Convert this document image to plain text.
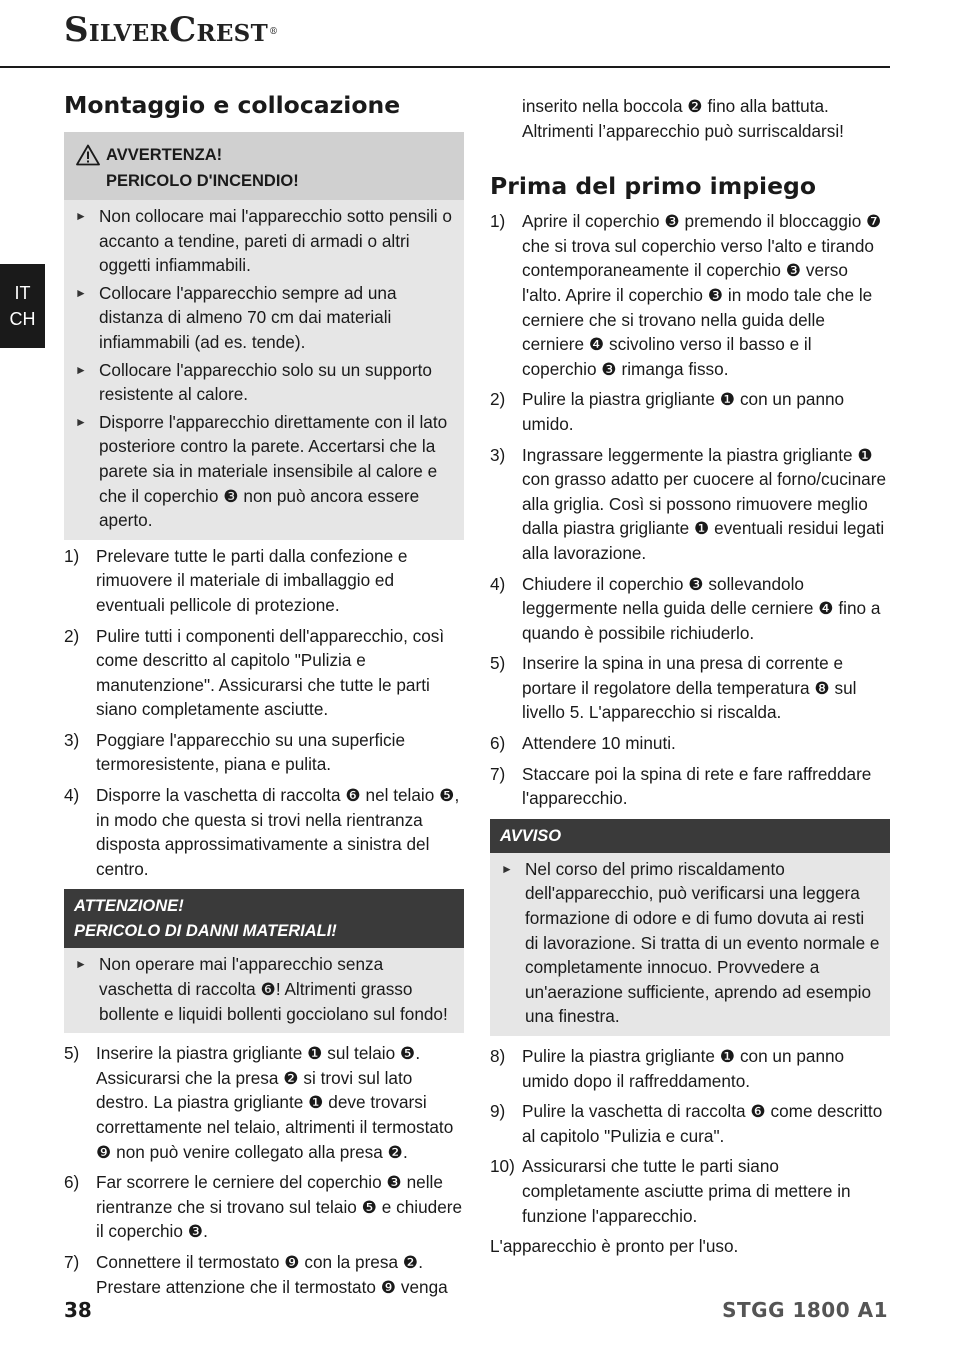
SILVERCREST®
IT
CH
Montaggio e collocazione
AVVERTENZA!
PERICOLO D'INCENDIO!
► Non collocare mai l'apparecchio sotto pensili o accanto a tendine, pareti di armadi o altri oggetti infiammabili.
► Collocare l'apparecchio sempre ad una distanza di almeno 70 cm dai materiali infiammabili (ad es. tende).
► Collocare l'apparecchio solo su un supporto resistente al calore.
► Disporre l'apparecchio direttamente con il lato posteriore contro la parete. Accertarsi che la parete sia in materiale insensibile al calore e che il coperchio ❸ non può ancora essere aperto.
1) Prelevare tutte le parti dalla confezione e rimuovere il materiale di imballaggio ed eventuali pellicole di protezione.
2) Pulire tutti i componenti dell'apparecchio, così come descritto al capitolo "Pulizia e manutenzione". Assicurarsi che tutte le parti siano completamente asciutte.
3) Poggiare l'apparecchio su una superficie termoresistente, piana e pulita.
4) Disporre la vaschetta di raccolta ❻ nel telaio ❺, in modo che questa si trovi nella rientranza disposta approssimativamente a sinistra del centro.
ATTENZIONE!
PERICOLO DI DANNI MATERIALI!
► Non operare mai l'apparecchio senza vaschetta di raccolta ❻! Altrimenti grasso bollente e liquidi bollenti gocciolano sul fondo!
5) Inserire la piastra grigliante ❶ sul telaio ❺. Assicurarsi che la presa ❷ si trovi sul lato destro. La piastra grigliante ❶ deve trovarsi correttamente nel telaio, altrimenti il termostato ❾ non può venire collegato alla presa ❷.
6) Far scorrere le cerniere del coperchio ❸ nelle rientranze che si trovano sul telaio ❺ e chiudere il coperchio ❸.
7) Connettere il termostato ❾ con la presa ❷. Prestare attenzione che il termostato ❾ venga
inserito nella boccola ❷ fino alla battuta. Altrimenti l’apparecchio può surriscaldarsi!
Prima del primo impiego
1) Aprire il coperchio ❸ premendo il bloccaggio ❼ che si trova sul coperchio verso l'alto e tirando contemporaneamente il coperchio ❸ verso l'alto. Aprire il coperchio ❸ in modo tale che le cerniere che si trovano nella guida delle cerniere ❹ scivolino verso il basso e il coperchio ❸ rimanga fisso.
2) Pulire la piastra grigliante ❶ con un panno umido.
3) Ingrassare leggermente la piastra grigliante ❶ con grasso adatto per cuocere al forno/cucinare alla griglia. Così si possono rimuovere meglio dalla piastra grigliante ❶ eventuali residui legati alla lavorazione.
4) Chiudere il coperchio ❸ sollevandolo leggermente nella guida delle cerniere ❹ fino a quando è possibile richiuderlo.
5) Inserire la spina in una presa di corrente e portare il regolatore della temperatura ❽ sul livello 5. L'apparecchio si riscalda.
6) Attendere 10 minuti.
7) Staccare poi la spina di rete e fare raffreddare l'apparecchio.
AVVISO
► Nel corso del primo riscaldamento dell'apparecchio, può verificarsi una leggera formazione di odore e di fumo dovuta ai resti di lavorazione. Si tratta di un evento normale e completamente innocuo. Provvedere a un'aerazione sufficiente, aprendo ad esempio una finestra.
8) Pulire la piastra grigliante ❶ con un panno umido dopo il raffreddamento.
9) Pulire la vaschetta di raccolta ❻ come descritto al capitolo "Pulizia e cura".
10) Assicurarsi che tutte le parti siano completamente asciutte prima di mettere in funzione l'apparecchio.
L'apparecchio è pronto per l'uso.
38	STGG 1800 A1
